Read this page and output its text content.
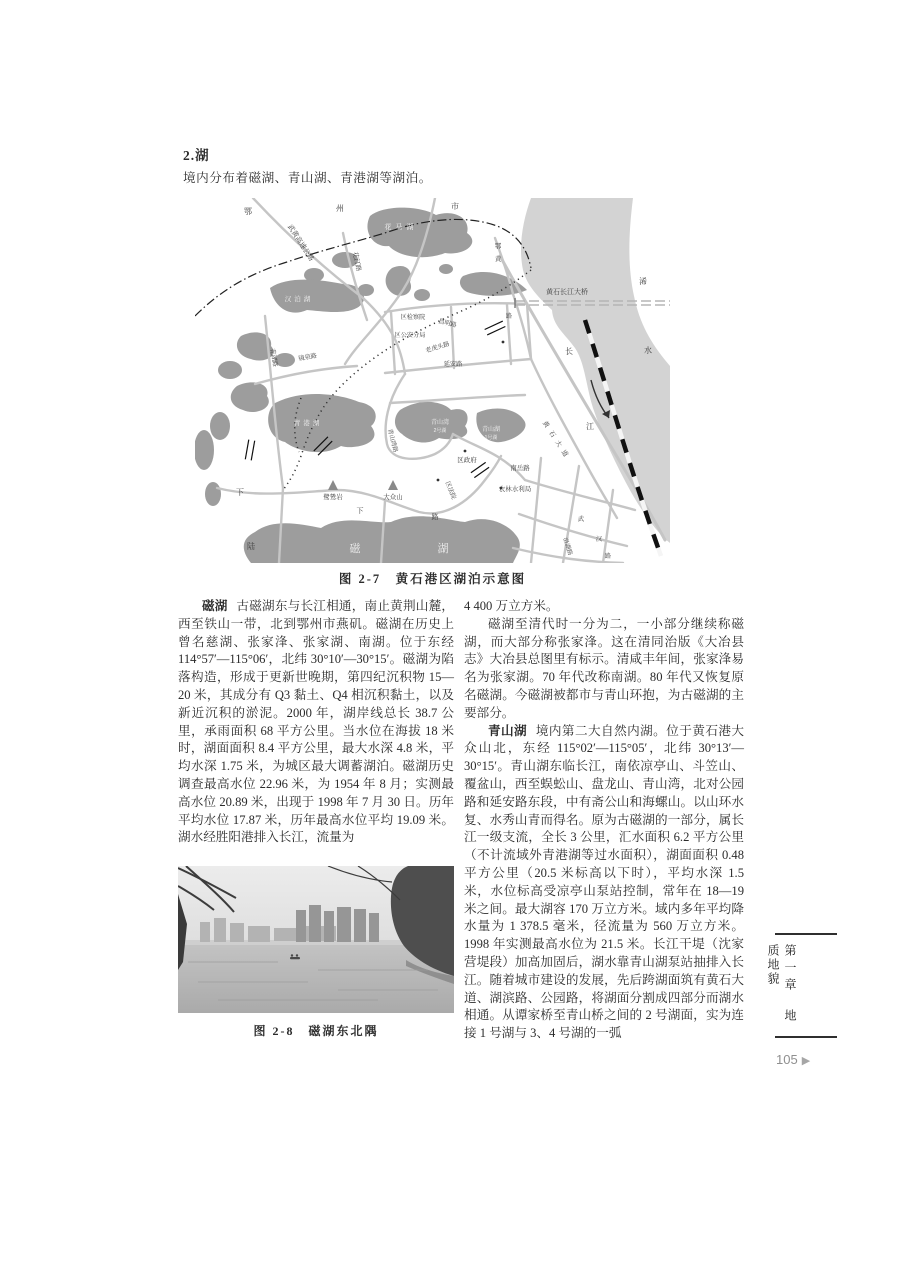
2.湖
境内分布着磁湖、青山湖、青港湖等湖泊。
鄂	州	市
武黄高速公路	花马湖
花汀路
鄂
黄
浠
水
黄石长江大桥
长
江
汉泊湖
区检察院
昌明路
路
区公安分局
老虎头路
延安路
花湖路	镜泉路
青港湖
青山湾路
青山湾
2号湖	青山湖
1号湖
区政府
南岳路
区法院	农林水利局
黄石大道
鹭鸶岩	大众山
下
路
下
陆	磁	湖
武
汉
路
沿湖路
图 2-7　黄石港区湖泊示意图

磁湖 古磁湖东与长江相通，南止黄荆山麓，西至铁山一带，北到鄂州市燕矶。磁湖在历史上曾名慈湖、张家浲、张家湖、南湖。位于东经 114°57′—115°06′，北纬 30°10′—30°15′。磁湖为陷落构造，形成于更新世晚期，第四纪沉积物 15—20 米，其成分有 Q3 黏土、Q4 相沉积黏土，以及新近沉积的淤泥。2000 年，湖岸线总长 38.7 公里，承雨面积 68 平方公里。当水位在海拔 18 米时，湖面面积 8.4 平方公里，最大水深 4.8 米，平均水深 1.75 米，为城区最大调蓄湖泊。磁湖历史调查最高水位 22.96 米，为 1954 年 8 月；实测最高水位 20.89 米，出现于 1998 年 7 月 30 日。历年平均水位 17.87 米，历年最高水位平均 19.09 米。湖水经胜阳港排入长江，流量为

图 2-8　磁湖东北隅

4 400 万立方米。

磁湖至清代时一分为二，一小部分继续称磁湖，而大部分称张家浲。这在清同治版《大冶县志》大冶县总图里有标示。清咸丰年间，张家浲易名为张家湖。70 年代改称南湖。80 年代又恢复原名磁湖。今磁湖被都市与青山环抱，为古磁湖的主要部分。

青山湖 境内第二大自然内湖。位于黄石港大众山北，东经 115°02′—115°05′，北纬 30°13′—30°15′。青山湖东临长江，南依凉亭山、斗笠山、覆盆山，西至蜈蚣山、盘龙山、青山湾，北对公园路和延安路东段，中有斋公山和海螺山。以山环水复、水秀山青而得名。原为古磁湖的一部分，属长江一级支流，全长 3 公里，汇水面积 6.2 平方公里（不计流域外青港湖等过水面积），湖面面积 0.48 平方公里（20.5 米标高以下时），平均水深 1.5 米，水位标高受凉亭山泵站控制，常年在 18—19 米之间。最大湖容 170 万立方米。域内多年平均降水量为 1 378.5 毫米，径流量为 560 万立方米。1998 年实测最高水位为 21.5 米。长江干堤（沈家营堤段）加高加固后，湖水靠青山湖泵站抽排入长江。随着城市建设的发展，先后跨湖面筑有黄石大道、湖滨路、公园路，将湖面分割成四部分而湖水相通。从谭家桥至青山桥之间的 2 号湖面，实为连接 1 号湖与 3、4 号湖的一弧

第一章地质地貌
105 ▶
